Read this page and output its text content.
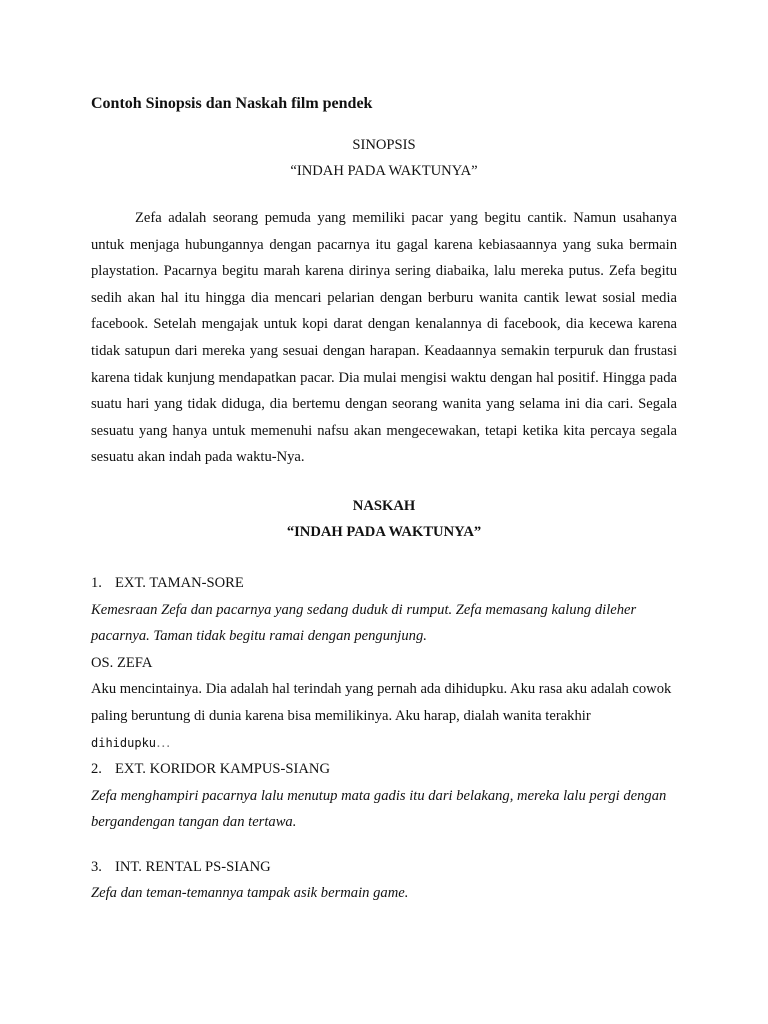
Contoh Sinopsis dan Naskah film pendek

SINOPSIS
“INDAH PADA WAKTUNYA”
Zefa adalah seorang pemuda yang memiliki pacar yang begitu cantik. Namun usahanya untuk menjaga hubungannya dengan pacarnya itu gagal karena kebiasaannya yang suka bermain playstation. Pacarnya begitu marah karena dirinya sering diabaika, lalu mereka putus. Zefa begitu sedih akan hal itu hingga dia mencari pelarian dengan berburu wanita cantik lewat sosial media facebook. Setelah mengajak untuk kopi darat dengan kenalannya di facebook, dia kecewa karena tidak satupun dari mereka yang sesuai dengan harapan. Keadaannya semakin terpuruk dan frustasi karena tidak kunjung mendapatkan pacar. Dia mulai mengisi waktu dengan hal positif. Hingga pada suatu hari yang tidak diduga, dia bertemu dengan seorang wanita yang selama ini dia cari. Segala sesuatu yang hanya untuk memenuhi nafsu akan mengecewakan, tetapi ketika kita percaya segala sesuatu akan indah pada waktu-Nya.
NASKAH
“INDAH PADA WAKTUNYA”
1. EXT. TAMAN-SORE
Kemesraan Zefa dan pacarnya yang sedang duduk di rumput. Zefa memasang kalung dileher pacarnya. Taman tidak begitu ramai dengan pengunjung.
OS. ZEFA
Aku mencintainya. Dia adalah hal terindah yang pernah ada dihidupku. Aku rasa aku adalah cowok paling beruntung di dunia karena bisa memilikinya. Aku harap, dialah wanita terakhir
dihidupku…
2. EXT. KORIDOR KAMPUS-SIANG
Zefa menghampiri pacarnya lalu menutup mata gadis itu dari belakang, mereka lalu pergi dengan bergandengan tangan dan tertawa.
3. INT. RENTAL PS-SIANG
Zefa dan teman-temannya tampak asik bermain game.
